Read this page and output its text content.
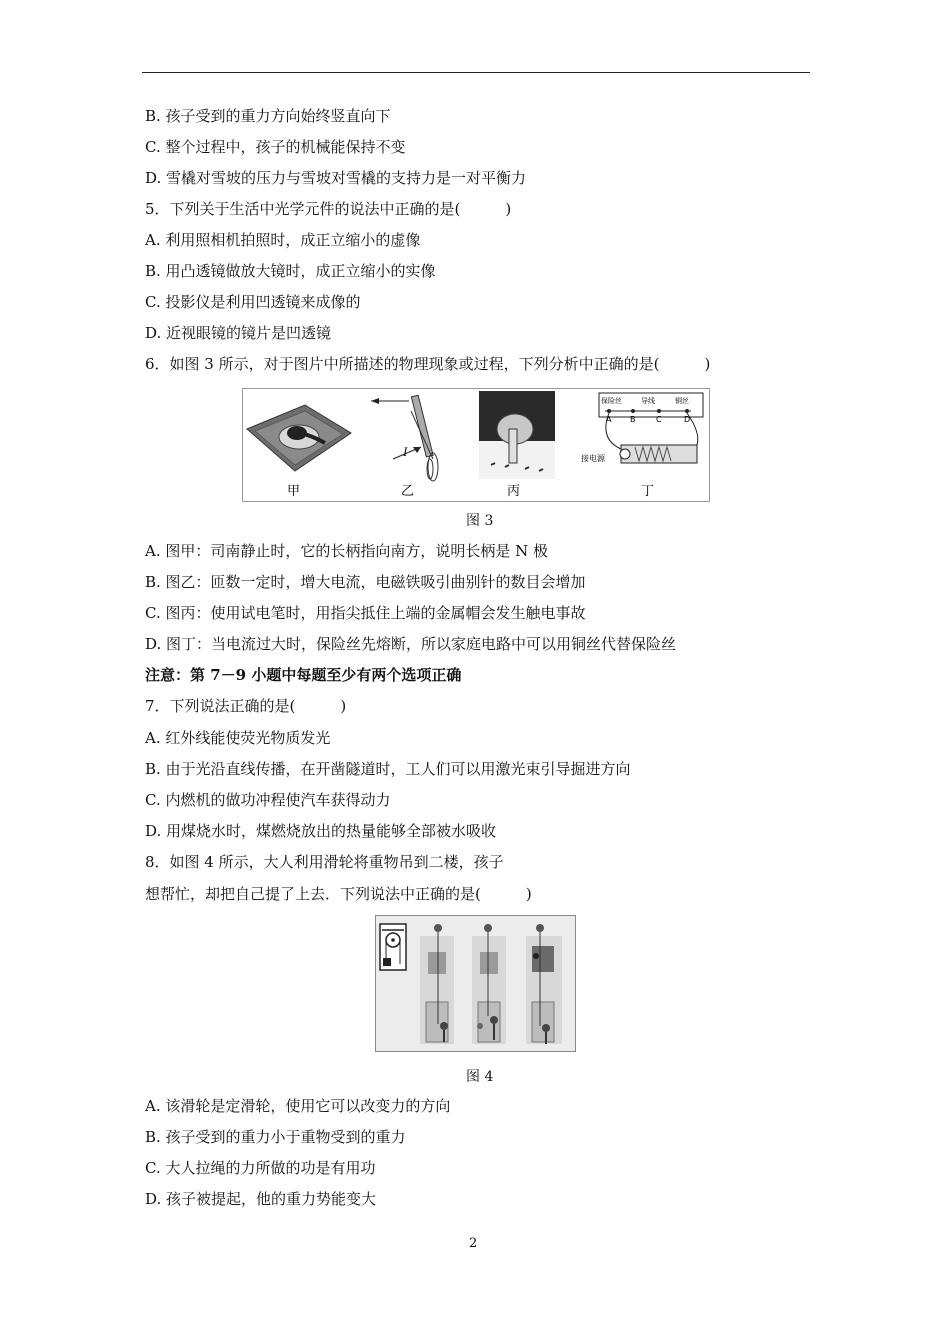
B. 孩子受到的重力方向始终竖直向下
C. 整个过程中，孩子的机械能保持不变
D. 雪橇对雪坡的压力与雪坡对雪橇的支持力是一对平衡力
5．下列关于生活中光学元件的说法中正确的是(　　　)
A. 利用照相机拍照时，成正立缩小的虚像
B. 用凸透镜做放大镜时，成正立缩小的实像
C. 投影仪是利用凹透镜来成像的
D. 近视眼镜的镜片是凹透镜
6．如图 3 所示，对于图片中所描述的物理现象或过程，下列分析中正确的是(　　　)
I
保险丝	导线	铜丝
A B	C	D
接电源
甲	乙	丙	丁
图 3
A. 图甲：司南静止时，它的长柄指向南方，说明长柄是 N 极
B. 图乙：匝数一定时，增大电流，电磁铁吸引曲别针的数目会增加
C. 图丙：使用试电笔时，用指尖抵住上端的金属帽会发生触电事故
D. 图丁：当电流过大时，保险丝先熔断，所以家庭电路中可以用铜丝代替保险丝
注意：第 7－9 小题中每题至少有两个选项正确
7．下列说法正确的是(　　　)
A. 红外线能使荧光物质发光
B. 由于光沿直线传播，在开凿隧道时，工人们可以用激光束引导掘进方向
C. 内燃机的做功冲程使汽车获得动力
D. 用煤烧水时，煤燃烧放出的热量能够全部被水吸收
8．如图 4 所示，大人利用滑轮将重物吊到二楼，孩子
想帮忙，却把自己提了上去．下列说法中正确的是(　　　)
图 4
A. 该滑轮是定滑轮，使用它可以改变力的方向
B. 孩子受到的重力小于重物受到的重力
C. 大人拉绳的力所做的功是有用功
D. 孩子被提起，他的重力势能变大
2
